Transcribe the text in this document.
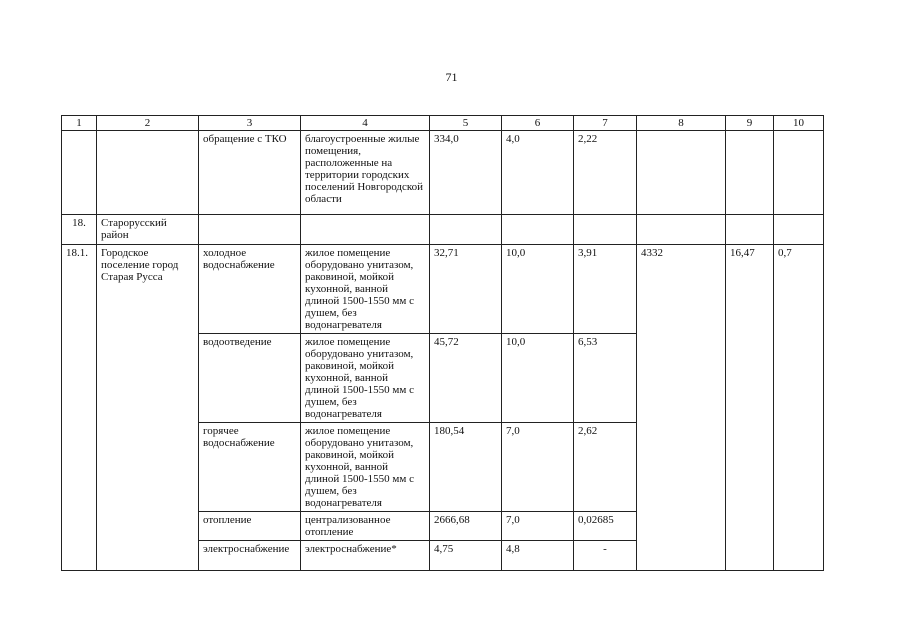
71
1	2	3	4	5	6	7	8	9	10
		обращение с ТКО	благоустроенные жилые помещения, расположенные на территории городских поселений Новгородской области	334,0	4,0	2,22			
18.	Старорусский район								
18.1.	Городское поселение город Старая Русса	холодное водоснабжение	жилое помещение оборудовано унитазом, раковиной, мойкой кухонной, ванной длиной 1500-1550 мм с душем, без водонагревателя	32,71	10,0	3,91	4332	16,47	0,7
		водоотведение	жилое помещение оборудовано унитазом, раковиной, мойкой кухонной, ванной длиной 1500-1550 мм с душем, без водонагревателя	45,72	10,0	6,53			
		горячее водоснабжение	жилое помещение оборудовано унитазом, раковиной, мойкой кухонной, ванной длиной 1500-1550 мм с душем, без водонагревателя	180,54	7,0	2,62			
		отопление	централизованное отопление	2666,68	7,0	0,02685			
		электроснабжение	электроснабжение*	4,75	4,8	-			
